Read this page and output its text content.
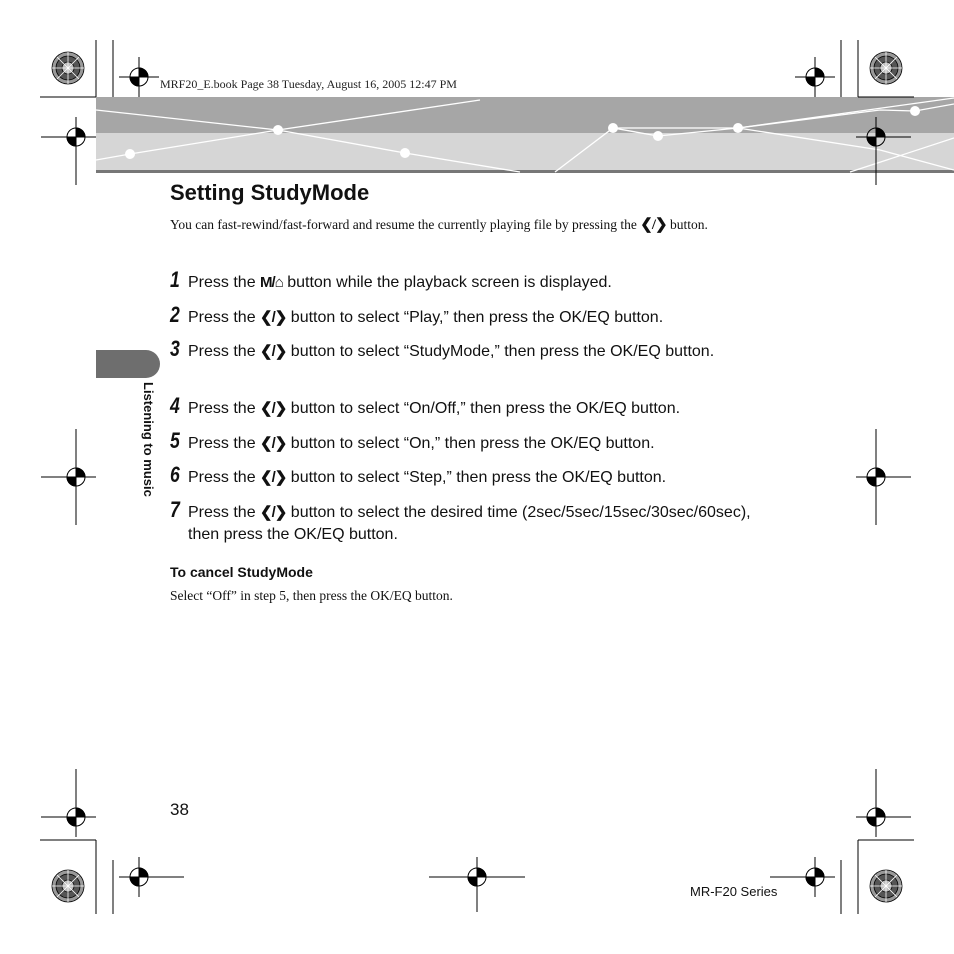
MRF20_E.book Page 38 Tuesday, August 16, 2005 12:47 PM
Setting StudyMode
You can fast-rewind/fast-forward and resume the currently playing file by pressing the ❮/❯ button.
1 Press the M/⌂ button while the playback screen is displayed.
2 Press the ❮/❯ button to select “Play,” then press the OK/EQ button.
3 Press the ❮/❯ button to select “StudyMode,” then press the OK/EQ button.
4 Press the ❮/❯ button to select “On/Off,” then press the OK/EQ button.
5 Press the ❮/❯ button to select “On,” then press the OK/EQ button.
6 Press the ❮/❯ button to select “Step,” then press the OK/EQ button.
7 Press the ❮/❯ button to select the desired time (2sec/5sec/15sec/30sec/60sec), then press the OK/EQ button.
To cancel StudyMode
Select “Off” in step 5, then press the OK/EQ button.
Listening to music
38
MR-F20 Series
